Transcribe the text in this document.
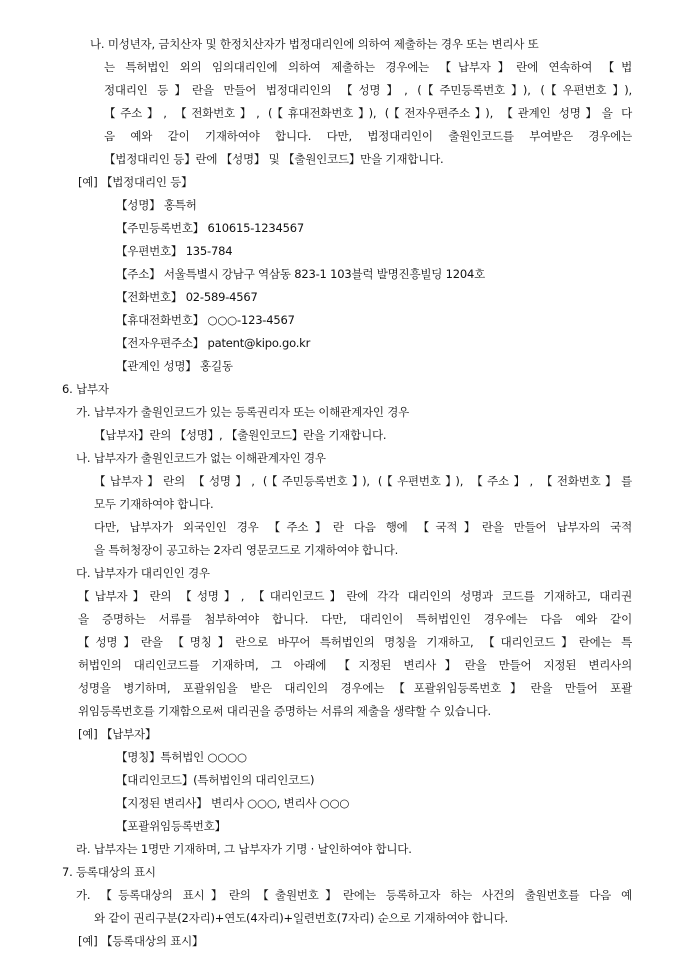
나. 미성년자, 금치산자 및 한정치산자가 법정대리인에 의하여 제출하는 경우 또는 변리사 또
는 특허법인 외의 임의대리인에 의하여 제출하는 경우에는 【납부자】란에 연속하여 【법
정대리인 등】란을 만들어 법정대리인의 【성명】, (【주민등록번호】), (【우편번호】),
【주소】, 【전화번호】, (【휴대전화번호】), (【전자우편주소】), 【관계인 성명】을 다
음 예와 같이 기재하여야 합니다. 다만, 법정대리인이 출원인코드를 부여받은 경우에는
【법정대리인 등】란에 【성명】 및 【출원인코드】만을 기재합니다.
[예] 【법정대리인 등】
【성명】 홍특허
【주민등록번호】 610615-1234567
【우편번호】 135-784
【주소】 서울특별시 강남구 역삼동 823-1 103블럭 발명진흥빌딩 1204호
【전화번호】 02-589-4567
【휴대전화번호】 ○○○-123-4567
【전자우편주소】 patent@kipo.go.kr
【관계인 성명】 홍길동
6. 납부자
가. 납부자가 출원인코드가 있는 등록권리자 또는 이해관계자인 경우
【납부자】란의 【성명】, 【출원인코드】란을 기재합니다.
나. 납부자가 출원인코드가 없는 이해관계자인 경우
【납부자】란의 【성명】, (【주민등록번호】), (【우편번호】), 【주소】, 【전화번호】를
모두 기재하여야 합니다.
다만, 납부자가 외국인인 경우 【주소】란 다음 행에 【국적】란을 만들어 납부자의 국적
을 특허청장이 공고하는 2자리 영문코드로 기재하여야 합니다.
다. 납부자가 대리인인 경우
【납부자】란의 【성명】, 【대리인코드】란에 각각 대리인의 성명과 코드를 기재하고, 대리권
을 증명하는 서류를 첨부하여야 합니다. 다만, 대리인이 특허법인인 경우에는 다음 예와 같이
【성명】란을 【명칭】란으로 바꾸어 특허법인의 명칭을 기재하고, 【대리인코드】란에는 특
허법인의 대리인코드를 기재하며, 그 아래에 【지정된 변리사】란을 만들어 지정된 변리사의
성명을 병기하며, 포괄위임을 받은 대리인의 경우에는【포괄위임등록번호】란을 만들어 포괄
위임등록번호를 기재함으로써 대리권을 증명하는 서류의 제출을 생략할 수 있습니다.
[예] 【납부자】
【명칭】특허법인 ○○○○
【대리인코드】(특허법인의 대리인코드)
【지정된 변리사】 변리사 ○○○, 변리사 ○○○
【포괄위임등록번호】
라. 납부자는 1명만 기재하며, 그 납부자가 기명 · 날인하여야 합니다.
7. 등록대상의 표시
가. 【등록대상의 표시】란의【출원번호】란에는 등록하고자 하는 사건의 출원번호를 다음 예
와 같이 권리구분(2자리)+연도(4자리)+일련번호(7자리) 순으로 기재하여야 합니다.
[예] 【등록대상의 표시】
